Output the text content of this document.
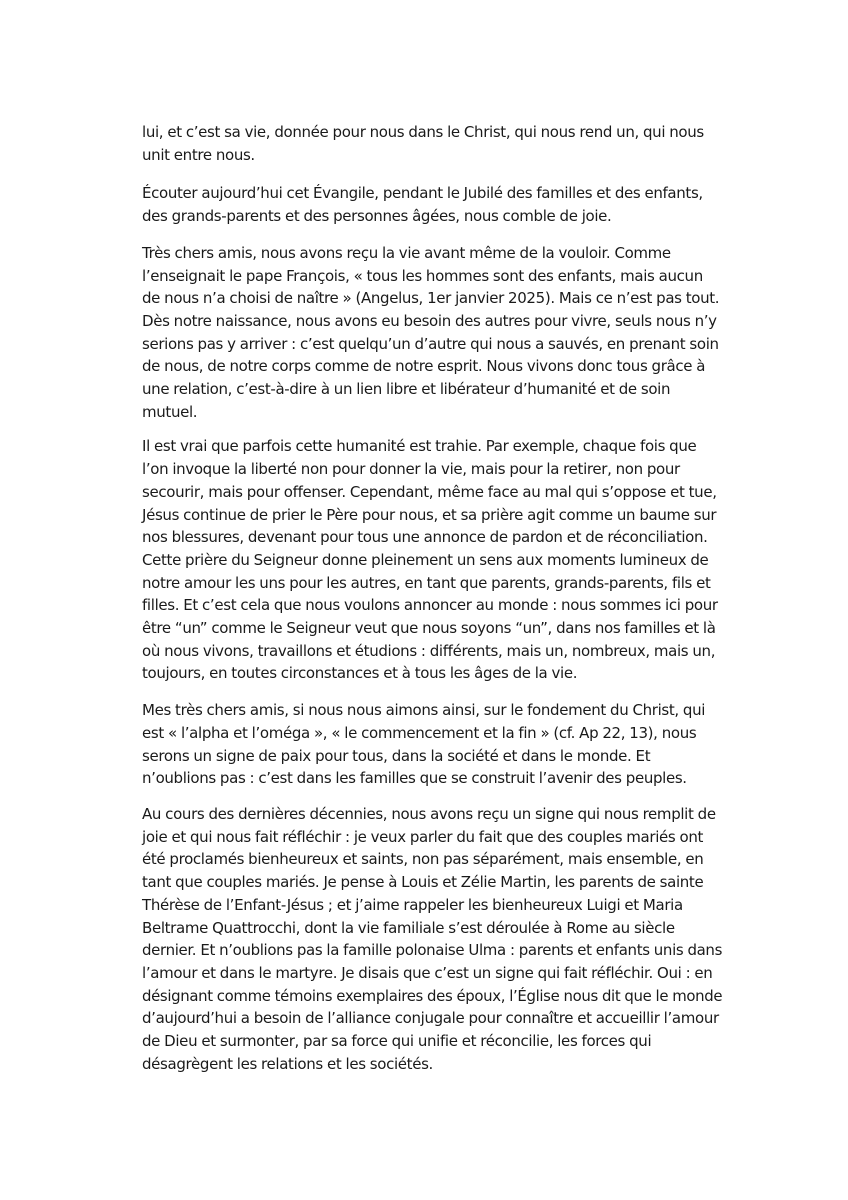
lui, et c’est sa vie, donnée pour nous dans le Christ, qui nous rend un, qui nous
unit entre nous.

Écouter aujourd’hui cet Évangile, pendant le Jubilé des familles et des enfants,
des grands-parents et des personnes âgées, nous comble de joie.

Très chers amis, nous avons reçu la vie avant même de la vouloir. Comme
l’enseignait le pape François, « tous les hommes sont des enfants, mais aucun
de nous n’a choisi de naître » (Angelus, 1er janvier 2025). Mais ce n’est pas tout.
Dès notre naissance, nous avons eu besoin des autres pour vivre, seuls nous n’y
serions pas y arriver : c’est quelqu’un d’autre qui nous a sauvés, en prenant soin
de nous, de notre corps comme de notre esprit. Nous vivons donc tous grâce à
une relation, c’est-à-dire à un lien libre et libérateur d’humanité et de soin
mutuel.

Il est vrai que parfois cette humanité est trahie. Par exemple, chaque fois que
l’on invoque la liberté non pour donner la vie, mais pour la retirer, non pour
secourir, mais pour offenser. Cependant, même face au mal qui s’oppose et tue,
Jésus continue de prier le Père pour nous, et sa prière agit comme un baume sur
nos blessures, devenant pour tous une annonce de pardon et de réconciliation.
Cette prière du Seigneur donne pleinement un sens aux moments lumineux de
notre amour les uns pour les autres, en tant que parents, grands-parents, fils et
filles. Et c’est cela que nous voulons annoncer au monde : nous sommes ici pour
être “un” comme le Seigneur veut que nous soyons “un”, dans nos familles et là
où nous vivons, travaillons et étudions : différents, mais un, nombreux, mais un,
toujours, en toutes circonstances et à tous les âges de la vie.

Mes très chers amis, si nous nous aimons ainsi, sur le fondement du Christ, qui
est « l’alpha et l’oméga », « le commencement et la fin » (cf. Ap 22, 13), nous
serons un signe de paix pour tous, dans la société et dans le monde. Et
n’oublions pas : c’est dans les familles que se construit l’avenir des peuples.

Au cours des dernières décennies, nous avons reçu un signe qui nous remplit de
joie et qui nous fait réfléchir : je veux parler du fait que des couples mariés ont
été proclamés bienheureux et saints, non pas séparément, mais ensemble, en
tant que couples mariés. Je pense à Louis et Zélie Martin, les parents de sainte
Thérèse de l’Enfant-Jésus ; et j’aime rappeler les bienheureux Luigi et Maria
Beltrame Quattrocchi, dont la vie familiale s’est déroulée à Rome au siècle
dernier. Et n’oublions pas la famille polonaise Ulma : parents et enfants unis dans
l’amour et dans le martyre. Je disais que c’est un signe qui fait réfléchir. Oui : en
désignant comme témoins exemplaires des époux, l’Église nous dit que le monde
d’aujourd’hui a besoin de l’alliance conjugale pour connaître et accueillir l’amour
de Dieu et surmonter, par sa force qui unifie et réconcilie, les forces qui
désagrègent les relations et les sociétés.
